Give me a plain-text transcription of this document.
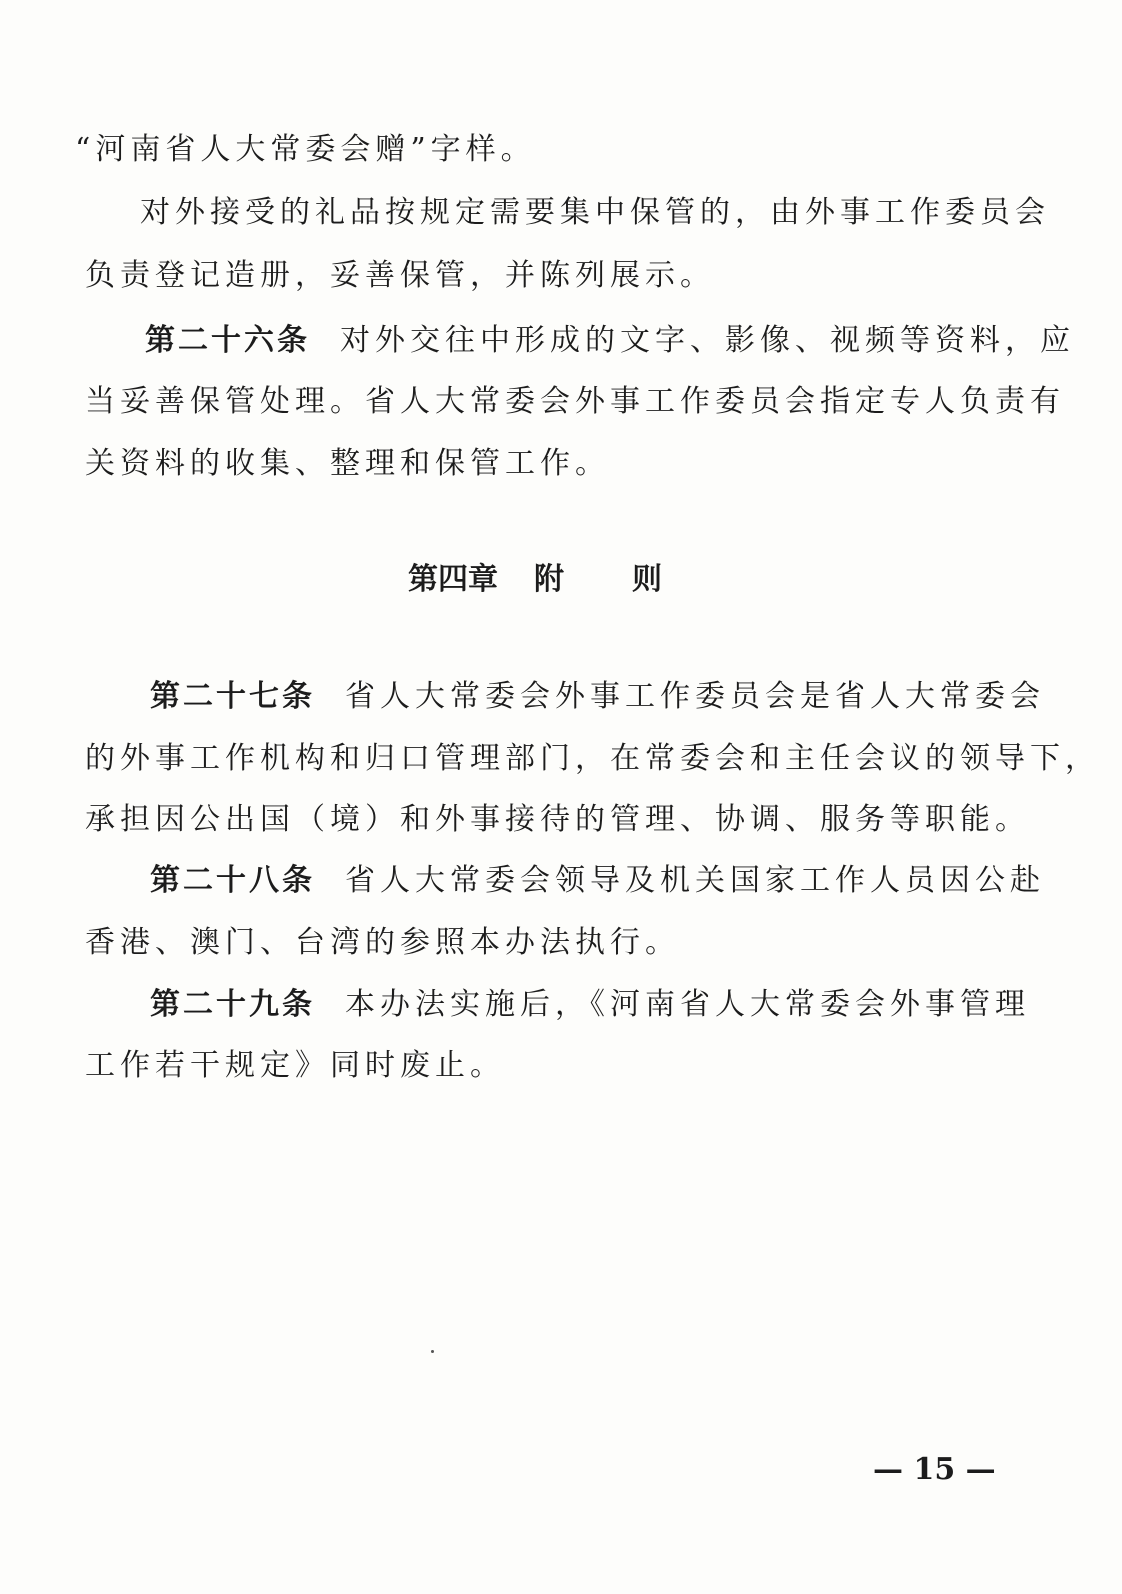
“河南省人大常委会赠”字样。
对外接受的礼品按规定需要集中保管的，由外事工作委员会
负责登记造册，妥善保管，并陈列展示。
第二十六条 对外交往中形成的文字、影像、视频等资料，应
当妥善保管处理。省人大常委会外事工作委员会指定专人负责有
关资料的收集、整理和保管工作。
第四章 附 则
第二十七条 省人大常委会外事工作委员会是省人大常委会
的外事工作机构和归口管理部门，在常委会和主任会议的领导下，
承担因公出国（境）和外事接待的管理、协调、服务等职能。
第二十八条 省人大常委会领导及机关国家工作人员因公赴
香港、澳门、台湾的参照本办法执行。
第二十九条 本办法实施后，《河南省人大常委会外事管理
工作若干规定》同时废止。
— 15 —
